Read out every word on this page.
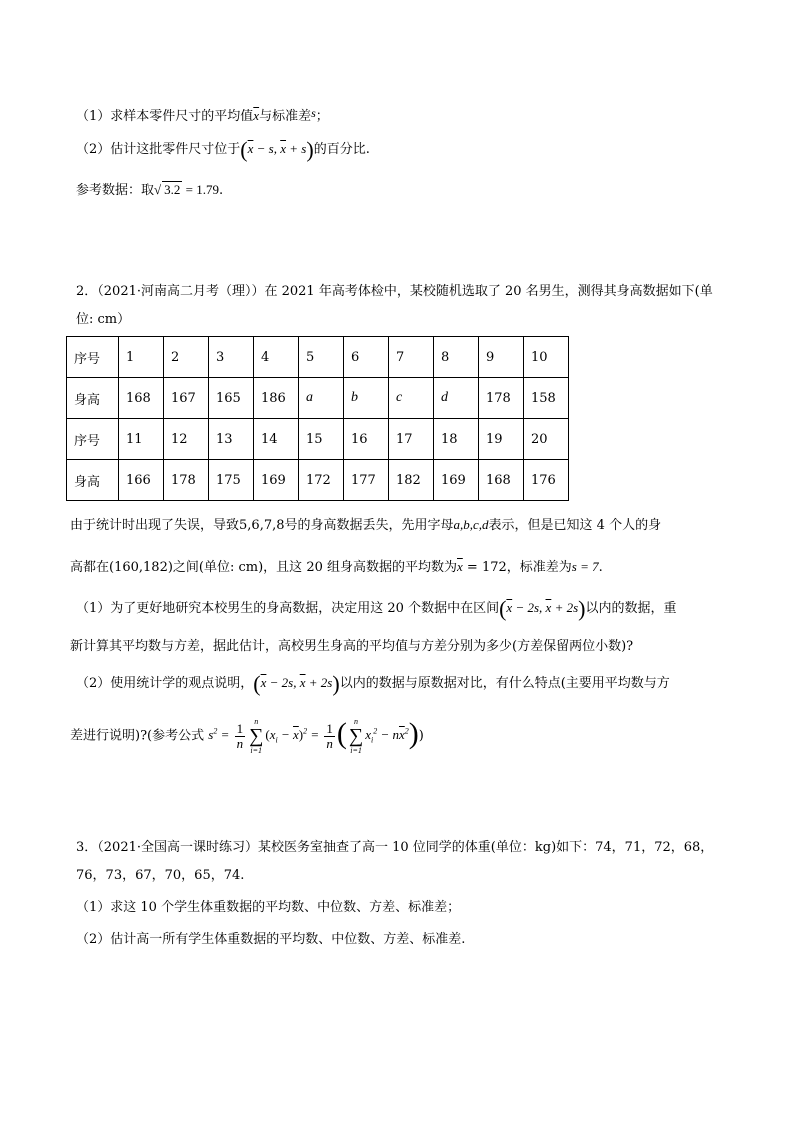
（1）求样本零件尺寸的平均值$\overline{x}$与标准差s；
（2）估计这批零件尺寸位于($\overline{x} - s$, $\overline{x} + s$)的百分比.
参考数据：取√ 3.2 = 1.79.
2．（2021·河南高二月考（理））在 2021 年高考体检中，某校随机选取了 20 名男生，测得其身高数据如下(单
位: cm）
序号	1	2	3	4	5	6	7	8	9	10
身高	168	167	165	186	a	b	c	d	178	158
序号	11	12	13	14	15	16	17	18	19	20
身高	166	178	175	169	172	177	182	169	168	176
由于统计时出现了失误，导致5,6,7,8号的身高数据丢失，先用字母a,b,c,d表示，但是已知这 4 个人的身
高都在(160,182)之间(单位: cm)，且这 20 组身高数据的平均数为$\overline{x} = 172$，标准差为s = 7.
（1）为了更好地研究本校男生的身高数据，决定用这 20 个数据中在区间($\overline{x} - 2s$, $\overline{x} + 2s$)以内的数据，重
新计算其平均数与方差，据此估计，高校男生身高的平均值与方差分别为多少(方差保留两位小数)?
（2）使用统计学的观点说明，($\overline{x} - 2s$, $\overline{x} + 2s$)以内的数据与原数据对比，有什么特点(主要用平均数与方
差进行说明)?(参考公式 $s^2 = \frac{1}{n}$	n
∑
i=1
$(x_i - \overline{x})^2 = \frac{1}{n}$ ( n
∑
i=1
$x_i^2 - n\overline{x}^2$))
3．（2021·全国高一课时练习）某校医务室抽查了高一 10 位同学的体重(单位：kg)如下：74，71，72，68，
76，73，67，70，65，74.
（1）求这 10 个学生体重数据的平均数、中位数、方差、标准差；
（2）估计高一所有学生体重数据的平均数、中位数、方差、标准差.
